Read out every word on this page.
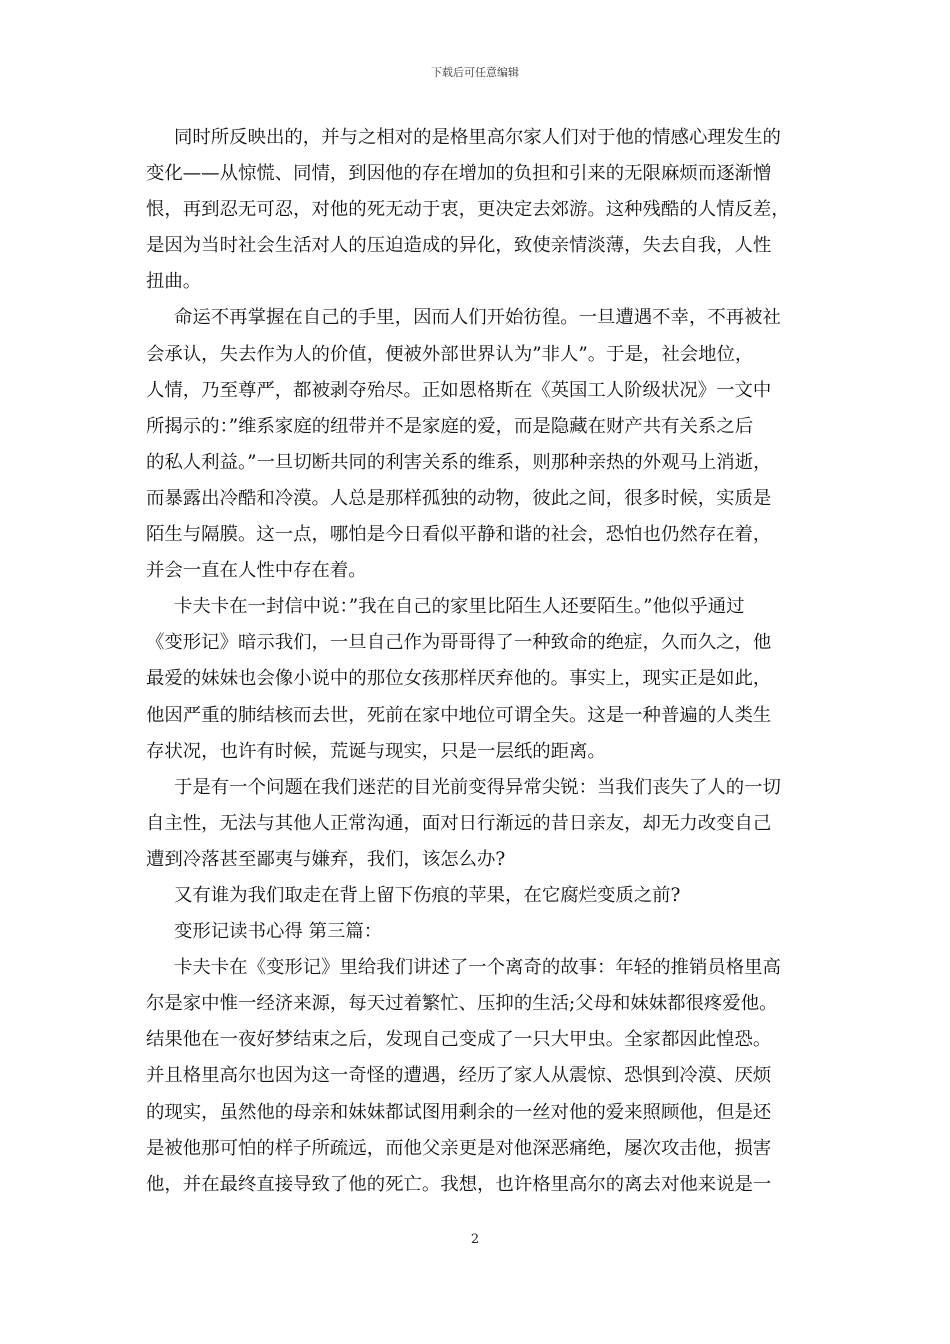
下载后可任意编辑
同时所反映出的，并与之相对的是格里高尔家人们对于他的情感心理发生的
变化——从惊慌、同情，到因他的存在增加的负担和引来的无限麻烦而逐渐憎
恨，再到忍无可忍，对他的死无动于衷，更决定去郊游。这种残酷的人情反差，
是因为当时社会生活对人的压迫造成的异化，致使亲情淡薄，失去自我，人性
扭曲。
命运不再掌握在自己的手里，因而人们开始彷徨。一旦遭遇不幸，不再被社
会承认，失去作为人的价值，便被外部世界认为”非人”。于是，社会地位，
人情，乃至尊严，都被剥夺殆尽。正如恩格斯在《英国工人阶级状况》一文中
所揭示的：”维系家庭的纽带并不是家庭的爱，而是隐藏在财产共有关系之后
的私人利益。”一旦切断共同的利害关系的维系，则那种亲热的外观马上消逝，
而暴露出冷酷和冷漠。人总是那样孤独的动物，彼此之间，很多时候，实质是
陌生与隔膜。这一点，哪怕是今日看似平静和谐的社会，恐怕也仍然存在着，
并会一直在人性中存在着。
卡夫卡在一封信中说：”我在自己的家里比陌生人还要陌生。”他似乎通过
《变形记》暗示我们，一旦自己作为哥哥得了一种致命的绝症，久而久之，他
最爱的妹妹也会像小说中的那位女孩那样厌弃他的。事实上，现实正是如此，
他因严重的肺结核而去世，死前在家中地位可谓全失。这是一种普遍的人类生
存状况，也许有时候，荒诞与现实，只是一层纸的距离。
于是有一个问题在我们迷茫的目光前变得异常尖锐：当我们丧失了人的一切
自主性，无法与其他人正常沟通，面对日行渐远的昔日亲友，却无力改变自己
遭到冷落甚至鄙夷与嫌弃，我们，该怎么办?
又有谁为我们取走在背上留下伤痕的苹果，在它腐烂变质之前?
变形记读书心得 第三篇：
卡夫卡在《变形记》里给我们讲述了一个离奇的故事：年轻的推销员格里高
尔是家中惟一经济来源，每天过着繁忙、压抑的生活;父母和妹妹都很疼爱他。
结果他在一夜好梦结束之后，发现自己变成了一只大甲虫。全家都因此惶恐。
并且格里高尔也因为这一奇怪的遭遇，经历了家人从震惊、恐惧到冷漠、厌烦
的现实，虽然他的母亲和妹妹都试图用剩余的一丝对他的爱来照顾他，但是还
是被他那可怕的样子所疏远，而他父亲更是对他深恶痛绝，屡次攻击他，损害
他，并在最终直接导致了他的死亡。我想，也许格里高尔的离去对他来说是一
2
